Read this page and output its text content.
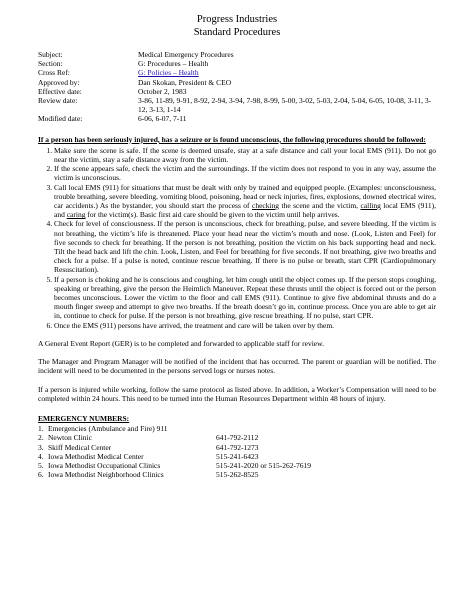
Progress Industries
Standard Procedures
Subject:	Medical Emergency Procedures
Section:	G: Procedures – Health
Cross Ref:	G: Policies – Health
Approved by:	Dan Skokan, President & CEO
Effective date:	October 2, 1983
Review date:	3-86, 11-89, 9-91, 8-92, 2-94, 3-94, 7-98, 8-99, 5-00, 3-02, 5-03, 2-04, 5-04, 6-05, 10-08, 3-11, 3-12, 3-13, 1-14
Modified date:	6-06, 6-07, 7-11
If a person has been seriously injured, has a seizure or is found unconscious, the following procedures should be followed:
1. Make sure the scene is safe. If the scene is deemed unsafe, stay at a safe distance and call your local EMS (911). Do not go near the victim, stay a safe distance away from the victim.
2. If the scene appears safe, check the victim and the surroundings. If the victim does not respond to you in any way, assume the victim is unconscious.
3. Call local EMS (911) for situations that must be dealt with only by trained and equipped people. (Examples: unconsciousness, trouble breathing, severe bleeding, vomiting blood, poisoning, head or neck injuries, fires, explosions, downed electrical wires, car accidents.) As the bystander, you should start the process of checking the scene and the victim, calling local EMS (911), and caring for the victim(s). Basic first aid care should be given to the victim until help arrives.
4. Check for level of consciousness. If the person is unconscious, check for breathing, pulse, and severe bleeding. If the victim is not breathing, the victim’s life is threatened. Place your head near the victim’s mouth and nose. (Look, Listen and Feel) for five seconds to check for breathing. If the person is not breathing, position the victim on his back supporting head and neck. Tilt the head back and lift the chin. Look, Listen, and Feel for breathing for five seconds. If not breathing, give two breaths and check for a pulse. If a pulse is noted, continue rescue breathing. If there is no pulse or breath, start CPR (Cardiopulmonary Resuscitation).
5. If a person is choking and he is conscious and coughing, let him cough until the object comes up. If the person stops coughing, speaking or breathing, give the person the Heimlich Maneuver. Repeat these thrusts until the object is forced out or the person becomes unconscious. Lower the victim to the floor and call EMS (911). Continue to give five abdominal thrusts and do a mouth finger sweep and attempt to give two breaths. If the breath doesn’t go in, continue process. Once you are able to get air in, continue to check for pulse. If the person is not breathing, give rescue breathing. If no pulse, start CPR.
6. Once the EMS (911) persons have arrived, the treatment and care will be taken over by them.
A General Event Report (GER) is to be completed and forwarded to applicable staff for review.
The Manager and Program Manager will be notified of the incident that has occurred. The parent or guardian will be notified. The incident will need to be documented in the persons served logs or nurses notes.
If a person is injured while working, follow the same protocol as listed above. In addition, a Worker’s Compensation will need to be completed within 24 hours. This need to be turned into the Human Resources Department within 48 hours of injury.
EMERGENCY NUMBERS:
1. Emergencies (Ambulance and Fire) 911
2. Newton Clinic	641-792-2112
3. Skiff Medical Center	641-792-1273
4. Iowa Methodist Medical Center	515-241-6423
5. Iowa Methodist Occupational Clinics	515-241-2020 or 515-262-7619
6. Iowa Methodist Neighborhood Clinics	515-262-8525
